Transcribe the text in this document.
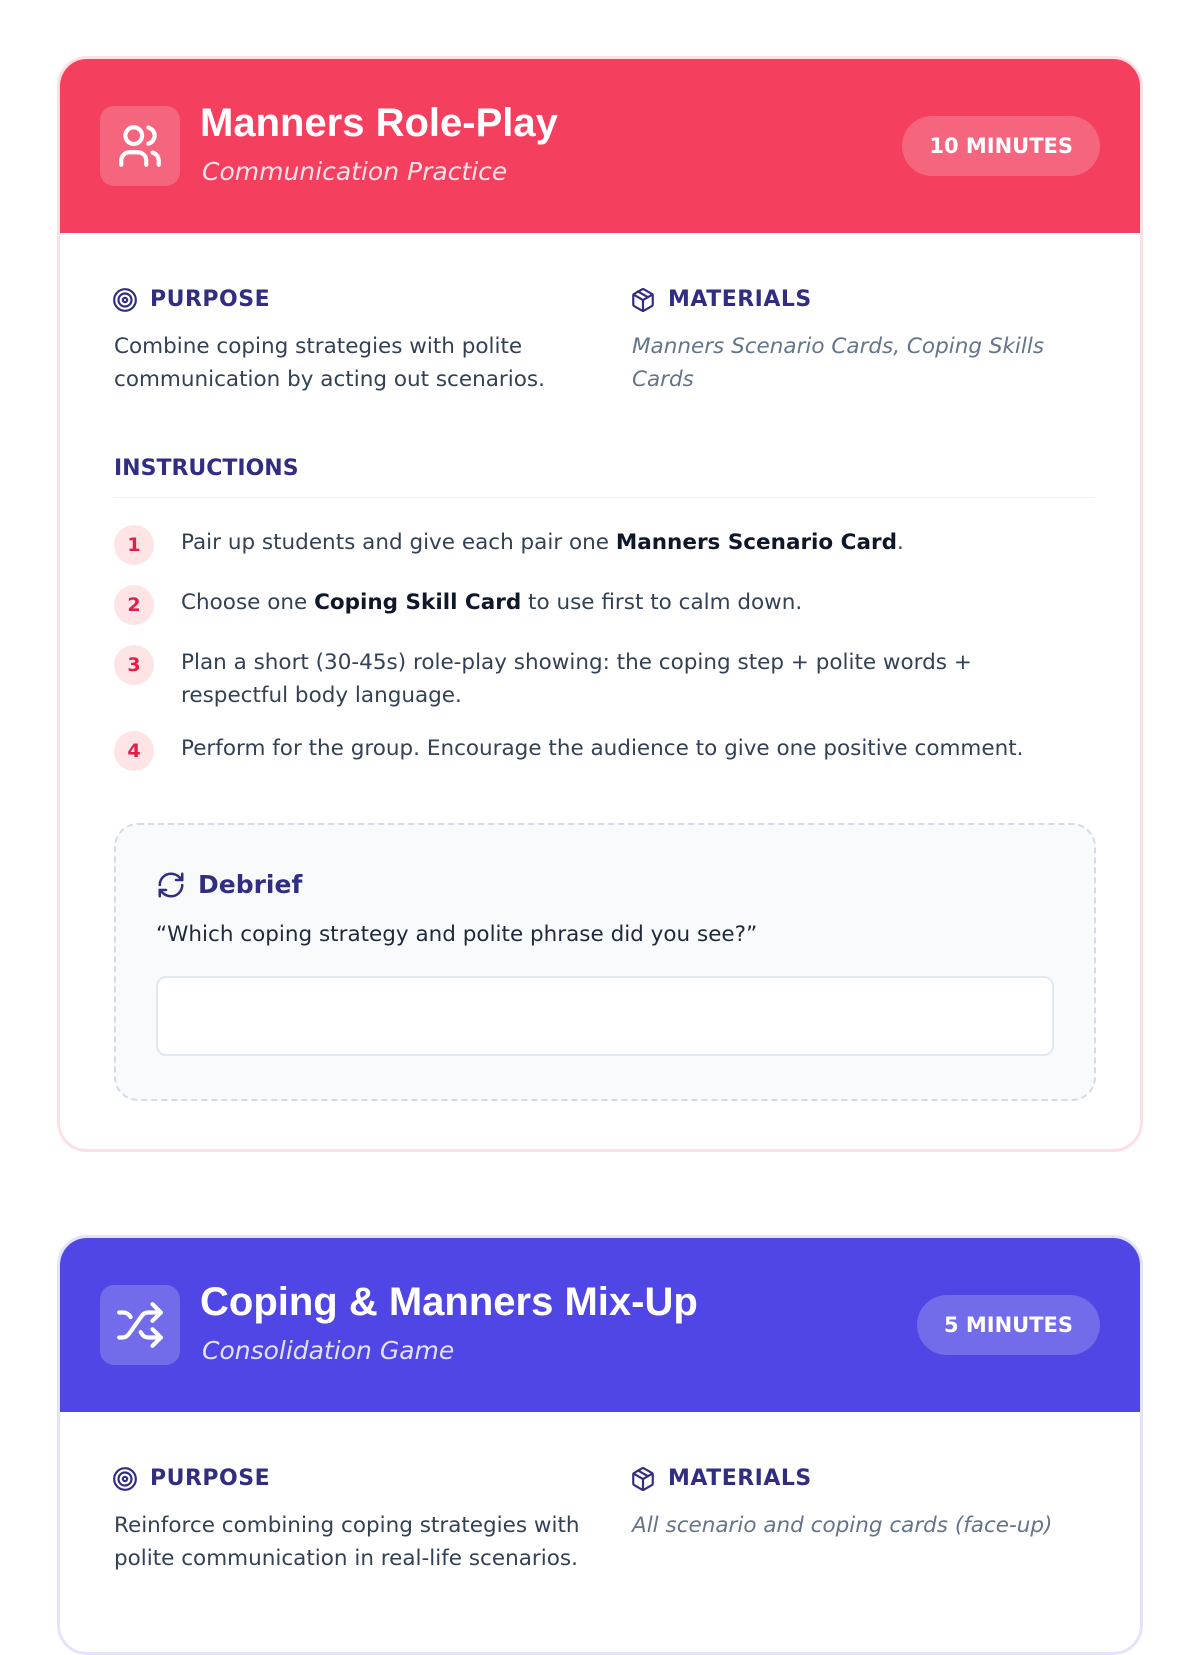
Manners Role-Play
Communication Practice
10 MINUTES
PURPOSE

Combine coping strategies with polite communication by acting out scenarios.

MATERIALS

Manners Scenario Cards, Coping Skills Cards

INSTRUCTIONS
1	Pair up students and give each pair one Manners Scenario Card.
2	Choose one Coping Skill Card to use first to calm down.
3	Plan a short (30-45s) role-play showing: the coping step + polite words + respectful body language.
4	Perform for the group. Encourage the audience to give one positive comment.
Debrief
“Which coping strategy and polite phrase did you see?”
Coping & Manners Mix-Up
Consolidation Game
5 MINUTES
PURPOSE

Reinforce combining coping strategies with polite communication in real-life scenarios.

MATERIALS

All scenario and coping cards (face-up)
